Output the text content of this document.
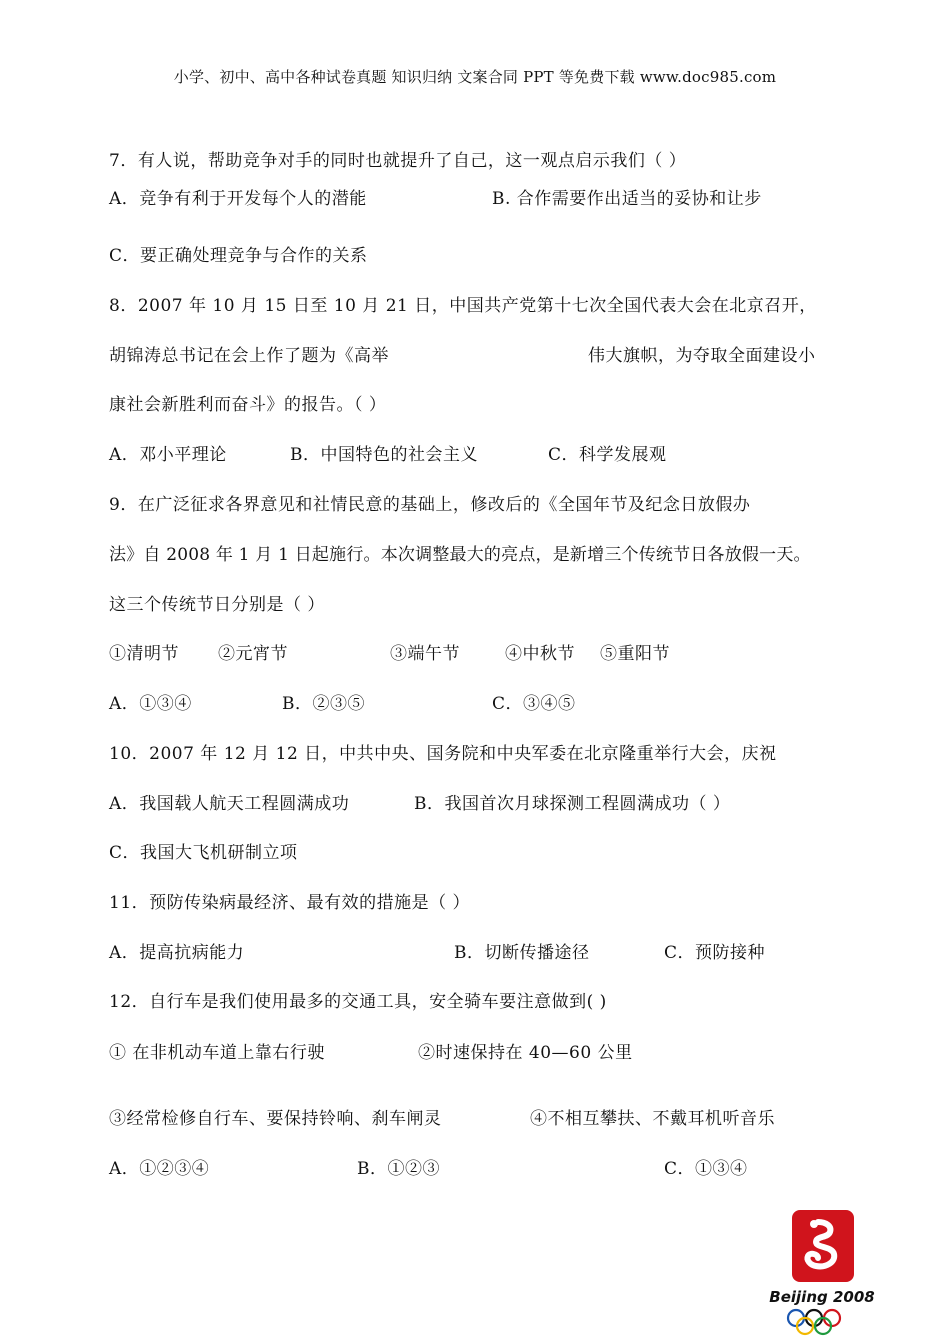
小学、初中、高中各种试卷真题 知识归纳 文案合同 PPT 等免费下载 www.doc985.com
7．有人说，帮助竞争对手的同时也就提升了自己，这一观点启示我们（ ）
A．竞争有利于开发每个人的潜能	B. 合作需要作出适当的妥协和让步
C．要正确处理竞争与合作的关系
8．2007 年 10 月 15 日至 10 月 21 日，中国共产党第十七次全国代表大会在北京召开，
胡锦涛总书记在会上作了题为《高举	伟大旗帜，为夺取全面建设小
康社会新胜利而奋斗》的报告。（ ）
A．邓小平理论	B．中国特色的社会主义	C．科学发展观
9．在广泛征求各界意见和社情民意的基础上，修改后的《全国年节及纪念日放假办
法》自 2008 年 1 月 1 日起施行。本次调整最大的亮点，是新增三个传统节日各放假一天。
这三个传统节日分别是（ ）
①清明节 ②元宵节	③端午节	④中秋节 ⑤重阳节
A．①③④	B．②③⑤	C．③④⑤
10．2007 年 12 月 12 日，中共中央、国务院和中央军委在北京隆重举行大会，庆祝
A．我国载人航天工程圆满成功	B．我国首次月球探测工程圆满成功（ ）
C．我国大飞机研制立项
11．预防传染病最经济、最有效的措施是（ ）
A．提高抗病能力	B．切断传播途径	C．预防接种
12．自行车是我们使用最多的交通工具，安全骑车要注意做到( )
① 在非机动车道上靠右行驶	②时速保持在 40—60 公里
③经常检修自行车、要保持铃响、刹车闸灵	④不相互攀扶、不戴耳机听音乐
A．①②③④	B．①②③	C．①③④
Beijing 2008
